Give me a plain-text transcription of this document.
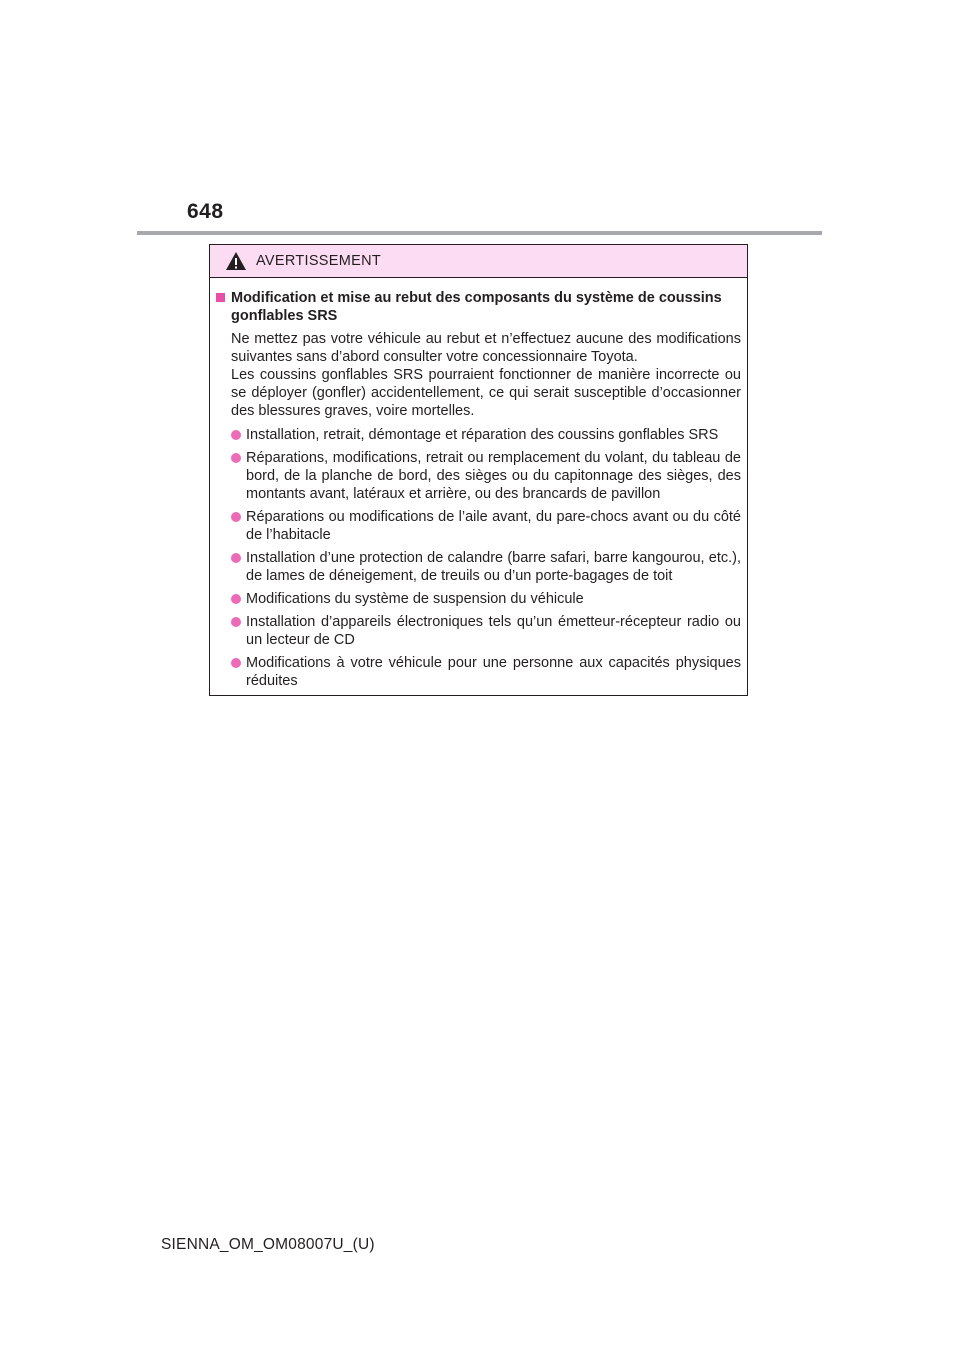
648
AVERTISSEMENT
Modification et mise au rebut des composants du système de coussins gonflables SRS

Ne mettez pas votre véhicule au rebut et n’effectuez aucune des modifications suivantes sans d’abord consulter votre concessionnaire Toyota.

Les coussins gonflables SRS pourraient fonctionner de manière incorrecte ou se déployer (gonfler) accidentellement, ce qui serait susceptible d’occasionner des blessures graves, voire mortelles.

Installation, retrait, démontage et réparation des coussins gonflables SRS
Réparations, modifications, retrait ou remplacement du volant, du tableau de bord, de la planche de bord, des sièges ou du capitonnage des sièges, des montants avant, latéraux et arrière, ou des brancards de pavillon
Réparations ou modifications de l’aile avant, du pare-chocs avant ou du côté de l’habitacle
Installation d’une protection de calandre (barre safari, barre kangourou, etc.), de lames de déneigement, de treuils ou d’un porte-bagages de toit
Modifications du système de suspension du véhicule
Installation d’appareils électroniques tels qu’un émetteur-récepteur radio ou un lecteur de CD
Modifications à votre véhicule pour une personne aux capacités physiques réduites
SIENNA_OM_OM08007U_(U)
